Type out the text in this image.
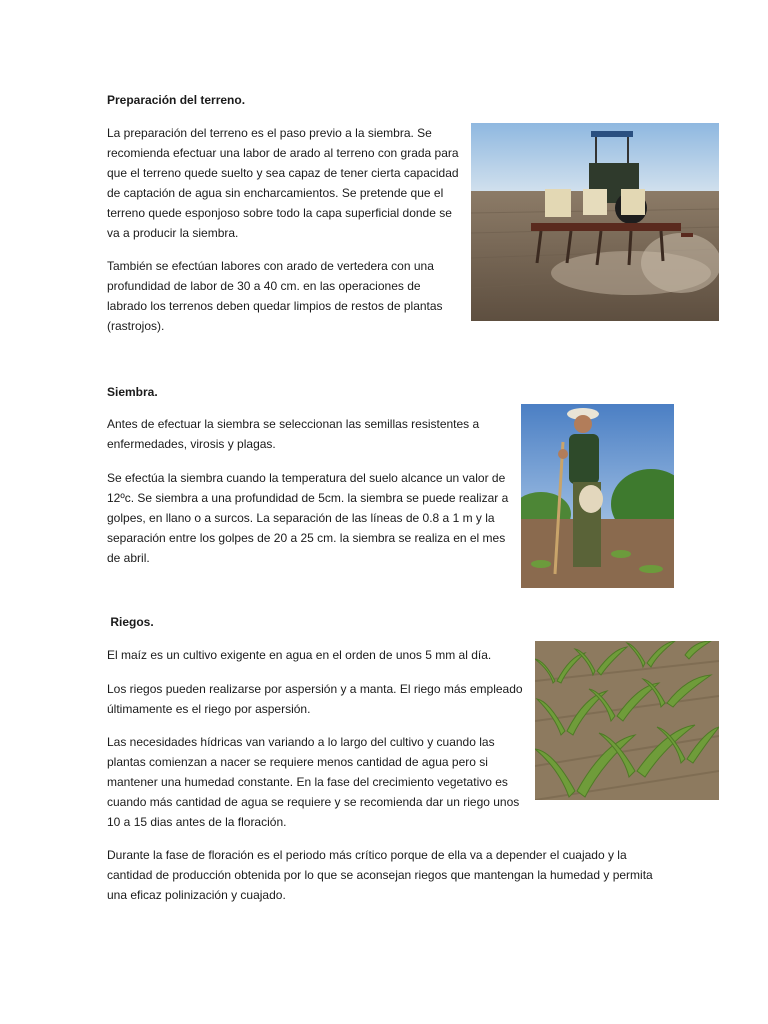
Preparación del terreno.

La preparación del terreno es el paso previo a la siembra. Se recomienda efectuar una labor de arado al terreno con grada para que el terreno quede suelto y sea capaz de tener cierta capacidad de captación de agua sin encharcamientos. Se pretende que el terreno quede esponjoso sobre todo la capa superficial donde se va a producir la siembra.

También se efectúan labores con arado de vertedera con una profundidad de labor de 30 a 40 cm. en las operaciones de labrado los terrenos deben quedar limpios de restos de plantas (rastrojos).

Siembra.

Antes de efectuar la siembra se seleccionan las semillas resistentes a enfermedades, virosis y plagas.

Se efectúa la siembra cuando la temperatura del suelo alcance un valor de 12ºc. Se siembra a una profundidad de 5cm. la siembra se puede realizar a golpes, en llano o a surcos. La separación de las líneas de 0.8 a 1 m y la separación entre los golpes de 20 a 25 cm. la siembra se realiza en el mes de abril.

Riegos.

El maíz es un cultivo exigente en agua en el orden de unos 5 mm al día.

Los riegos pueden realizarse por aspersión y a manta. El riego más empleado últimamente es el riego por aspersión.

Las necesidades hídricas van variando a lo largo del cultivo y cuando las plantas comienzan a nacer se requiere menos cantidad de agua pero si mantener una humedad constante. En la fase del crecimiento vegetativo es cuando más cantidad de agua se requiere y se recomienda dar un riego unos 10 a 15 dias antes de la floración.

Durante la fase de floración es el periodo más crítico porque de ella va a depender el cuajado y la cantidad de producción obtenida por lo que se aconsejan riegos que mantengan la humedad y permita una eficaz polinización y cuajado.
